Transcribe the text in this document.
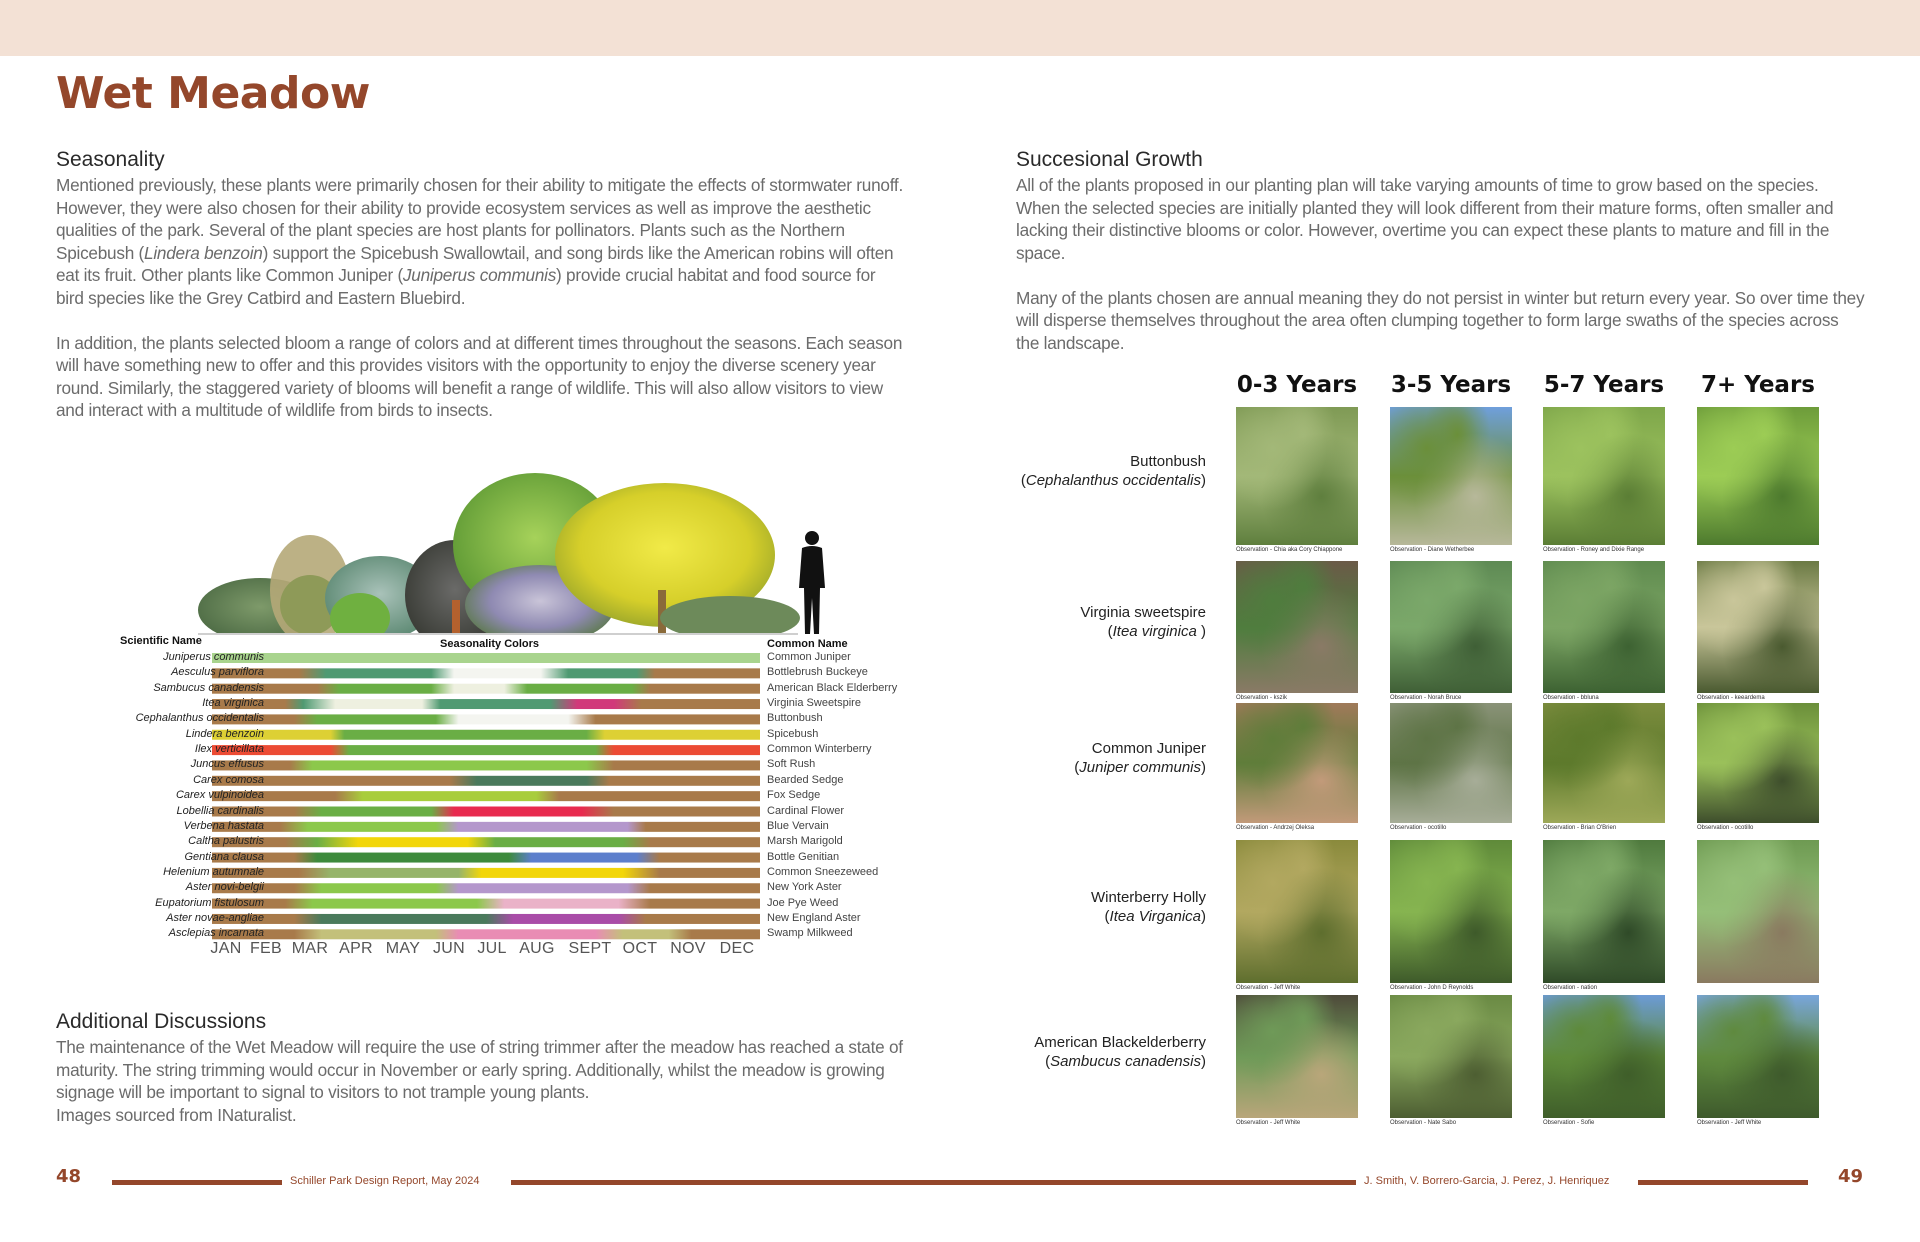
Wet Meadow
Seasonality

Mentioned previously, these plants were primarily chosen for their ability to mitigate the effects of stormwater runoff. However, they were also chosen for their ability to provide ecosystem services as well as improve the aesthetic qualities of the park. Several of the plant species are host plants for pollinators. Plants such as the Northern Spicebush (Lindera benzoin) support the Spicebush Swallowtail, and song birds like the American robins will often eat its fruit. Other plants like Common Juniper (Juniperus communis) provide crucial habitat and food source for bird species like the Grey Catbird and Eastern Bluebird.

In addition, the plants selected bloom a range of colors and at different times throughout the seasons. Each season will have something new to offer and this provides visitors with the opportunity to enjoy the diverse scenery year round. Similarly, the staggered variety of blooms will benefit a range of wildlife. This will also allow visitors to view and interact with a multitude of wildlife from birds to insects.

Scientific Name	Seasonality Colors	Common Name
Juniperus communis	Common Juniper
Aesculus parviflora	Bottlebrush Buckeye
Sambucus canadensis	American Black Elderberry
Itea virginica	Virginia Sweetspire
Cephalanthus occidentalis	Buttonbush
Lindera benzoin	Spicebush
Ilex verticillata	Common Winterberry
Juncus effusus	Soft Rush
Carex comosa	Bearded Sedge
Carex vulpinoidea	Fox Sedge
Lobellia cardinalis	Cardinal Flower
Verbena hastata	Blue Vervain
Caltha palustris	Marsh Marigold
Gentiana clausa	Bottle Genitian
Helenium autumnale	Common Sneezeweed
Aster novi-belgii	New York Aster
Eupatorium fistulosum	Joe Pye Weed
Aster novae-angliae	New England Aster
Asclepias incarnata	Swamp Milkweed
JAN FEB MAR APR MAY JUN JUL AUG SEPT OCT NOV DEC
Additional Discussions

The maintenance of the Wet Meadow will require the use of string trimmer after the meadow has reached a state of maturity. The string trimming would occur in November or early spring. Additionally, whilst the meadow is growing signage will be important to signal to visitors to not trample young plants.

Images sourced from INaturalist.

Succesional Growth

All of the plants proposed in our planting plan will take varying amounts of time to grow based on the species. When the selected species are initially planted they will look different from their mature forms, often smaller and lacking their distinctive blooms or color. However, overtime you can expect these plants to mature and fill in the space.

Many of the plants chosen are annual meaning they do not persist in winter but return every year. So over time they will disperse themselves throughout the area often clumping together to form large swaths of the species across the landscape.

0-3 Years 3-5 Years 5-7 Years 7+ Years
Buttonbush
(Cephalanthus occidentalis)
Observation - Chia aka Cory Chiappone	Observation - Diane Wetherbee	Observation - Roney and Dixie Range
Virginia sweetspire
(Itea virginica )
Observation - kszik	Observation - Norah Bruce	Observation - bbluna	Observation - keeardema
Common Juniper
(Juniper communis)
Observation - Andrzej Oleksa	Observation - ocotillo	Observation - Brian O'Brien	Observation - ocotillo
Winterberry Holly
(Itea Virganica)
Observation - Jeff White	Observation - John D Reynolds	Observation - nation
American Blackelderberry
(Sambucus canadensis)
Observation - Jeff White	Observation - Nate Sabo	Observation - Sofie	Observation - Jeff White
48	Schiller Park Design Report, May 2024	J. Smith, V. Borrero-Garcia, J. Perez, J. Henriquez	49
